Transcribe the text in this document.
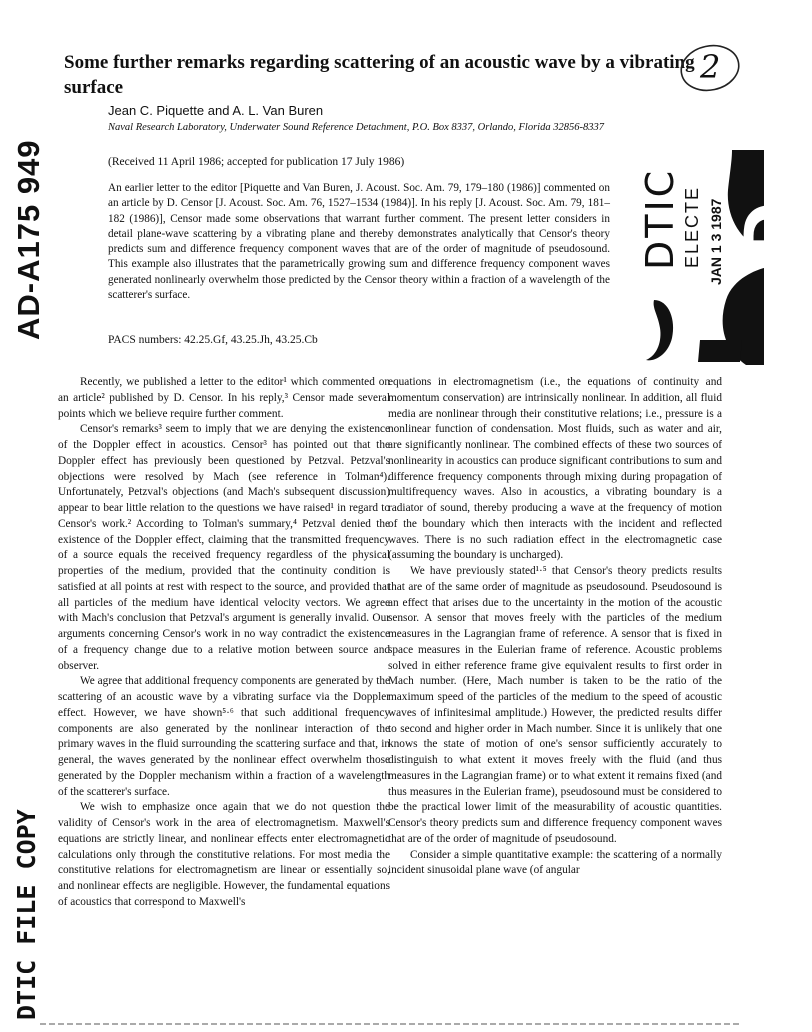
Some further remarks regarding scattering of an acoustic wave by a vibrating surface
Jean C. Piquette and A. L. Van Buren
Naval Research Laboratory, Underwater Sound Reference Detachment, P.O. Box 8337, Orlando, Florida 32856-8337
(Received 11 April 1986; accepted for publication 17 July 1986)

An earlier letter to the editor [Piquette and Van Buren, J. Acoust. Soc. Am. 79, 179–180 (1986)] commented on an article by D. Censor [J. Acoust. Soc. Am. 76, 1527–1534 (1984)]. In his reply [J. Acoust. Soc. Am. 79, 181–182 (1986)], Censor made some observations that warrant further comment. The present letter considers in detail plane-wave scattering by a vibrating plane and thereby demonstrates analytically that Censor's theory predicts sum and difference frequency component waves that are of the order of magnitude of pseudosound. This example also illustrates that the parametrically growing sum and difference frequency component waves generated nonlinearly overwhelm those predicted by the Censor theory within a fraction of a wavelength of the scatterer's surface.

PACS numbers: 42.25.Gf, 43.25.Jh, 43.25.Cb

Recently, we published a letter to the editor¹ which commented on an article² published by D. Censor. In his reply,³ Censor made several points which we believe require further comment.

Censor's remarks³ seem to imply that we are denying the existence of the Doppler effect in acoustics. Censor³ has pointed out that the Doppler effect has previously been questioned by Petzval. Petzval's objections were resolved by Mach (see reference in Tolman⁴). Unfortunately, Petzval's objections (and Mach's subsequent discussion) appear to bear little relation to the questions we have raised¹ in regard to Censor's work.² According to Tolman's summary,⁴ Petzval denied the existence of the Doppler effect, claiming that the transmitted frequency of a source equals the received frequency regardless of the physical properties of the medium, provided that the continuity condition is satisfied at all points at rest with respect to the source, and provided that all particles of the medium have identical velocity vectors. We agree with Mach's conclusion that Petzval's argument is generally invalid. Our arguments concerning Censor's work in no way contradict the existence of a frequency change due to a relative motion between source and observer.

We agree that additional frequency components are generated by the scattering of an acoustic wave by a vibrating surface via the Doppler effect. However, we have shown⁵·⁶ that such additional frequency components are also generated by the nonlinear interaction of the primary waves in the fluid surrounding the scattering surface and that, in general, the waves generated by the nonlinear effect overwhelm those generated by the Doppler mechanism within a fraction of a wavelength of the scatterer's surface.

We wish to emphasize once again that we do not question the validity of Censor's work in the area of electromagnetism. Maxwell's equations are strictly linear, and nonlinear effects enter electromagnetic calculations only through the constitutive relations. For most media the constitutive relations for electromagnetism are linear or essentially so, and nonlinear effects are negligible. However, the fundamental equations of acoustics that correspond to Maxwell's

equations in electromagnetism (i.e., the equations of continuity and momentum conservation) are intrinsically nonlinear. In addition, all fluid media are nonlinear through their constitutive relations; i.e., pressure is a nonlinear function of condensation. Most fluids, such as water and air, are significantly nonlinear. The combined effects of these two sources of nonlinearity in acoustics can produce significant contributions to sum and difference frequency components through mixing during propagation of multifrequency waves. Also in acoustics, a vibrating boundary is a radiator of sound, thereby producing a wave at the frequency of motion of the boundary which then interacts with the incident and reflected waves. There is no such radiation effect in the electromagnetic case (assuming the boundary is uncharged).

We have previously stated¹·⁵ that Censor's theory predicts results that are of the same order of magnitude as pseudosound. Pseudosound is an effect that arises due to the uncertainty in the motion of the acoustic sensor. A sensor that moves freely with the particles of the medium measures in the Lagrangian frame of reference. A sensor that is fixed in space measures in the Eulerian frame of reference. Acoustic problems solved in either reference frame give equivalent results to first order in Mach number. (Here, Mach number is taken to be the ratio of the maximum speed of the particles of the medium to the speed of acoustic waves of infinitesimal amplitude.) However, the predicted results differ to second and higher order in Mach number. Since it is unlikely that one knows the state of motion of one's sensor sufficiently accurately to distinguish to what extent it moves freely with the fluid (and thus measures in the Lagrangian frame) or to what extent it remains fixed (and thus measures in the Eulerian frame), pseudosound must be considered to be the practical lower limit of the measurability of acoustic quantities. Censor's theory predicts sum and difference frequency component waves that are of the order of magnitude of pseudosound.

Consider a simple quantitative example: the scattering of a normally incident sinusoidal plane wave (of angular

AD-A175 949
DTIC FILE COPY
2
DTIC ELECTE JAN 1 3 1987 D
